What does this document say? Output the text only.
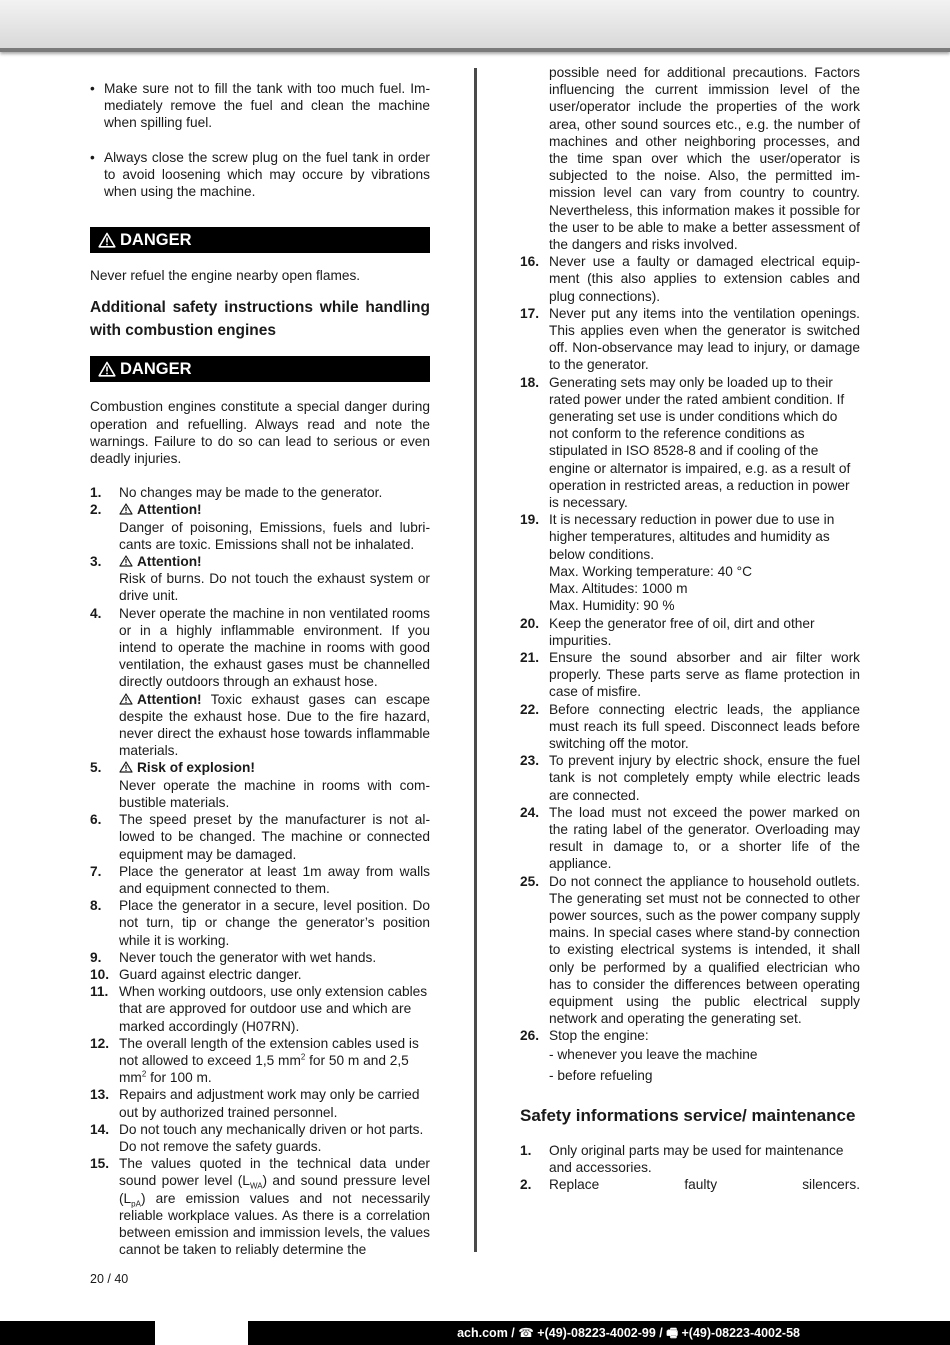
• Make sure not to fill the tank with too much fuel. Immediately remove the fuel and clean the machine when spilling fuel.
• Always close the screw plug on the fuel tank in order to avoid loosening which may occure by vibrations when using the machine.
DANGER
Never refuel the engine nearby open flames.
Additional safety instructions while handling with combustion engines
DANGER
Combustion engines constitute a special danger during operation and refuelling. Always read and note the warnings. Failure to do so can lead to serious or even deadly injuries.
1. No changes may be made to the generator.
2.	Attention!
Danger of poisoning, Emissions, fuels and lubricants are toxic. Emissions shall not be inhalated.
3.	Attention!
Risk of burns. Do not touch the exhaust system or drive unit.
4. Never operate the machine in non ventilated rooms or in a highly inflammable environment. If you intend to operate the machine in rooms with good ventilation, the exhaust gases must be channelled directly outdoors through an exhaust hose.
Attention! Toxic exhaust gases can escape despite the exhaust hose. Due to the fire hazard, never direct the exhaust hose towards inflammable materials.
5.	Risk of explosion!
Never operate the machine in rooms with combustible materials.
6. The speed preset by the manufacturer is not allowed to be changed. The machine or connected equipment may be damaged.
7. Place the generator at least 1m away from walls and equipment connected to them.
8. Place the generator in a secure, level position. Do not turn, tip or change the generator’s position while it is working.
9. Never touch the generator with wet hands.
10. Guard against electric danger.
11. When working outdoors, use only extension cables that are approved for outdoor use and which are marked accordingly (H07RN).
12. The overall length of the extension cables used is not allowed to exceed 1,5 $mm^2$ for 50 m and 2,5 $mm^2$ for 100 m.
13. Repairs and adjustment work may only be carried out by authorized trained personnel.
14. Do not touch any mechanically driven or hot parts. Do not remove the safety guards.
15. The values quoted in the technical data under sound power level $(L_{WA})$ and sound pressure level $(L_{pA})$ are emission values and not necessarily reliable workplace values. As there is a correlation between emission and immission levels, the values cannot be taken to reliably determine the
possible need for additional precautions. Factors influencing the current immission level of the user/operator include the properties of the work area, other sound sources etc., e.g. the number of machines and other neighboring processes, and the time span over which the user/operator is subjected to the noise. Also, the permitted immission level can vary from country to country. Nevertheless, this information makes it possible for the user to be able to make a better assessment of the dangers and risks involved.
16. Never use a faulty or damaged electrical equipment (this also applies to extension cables and plug connections).
17. Never put any items into the ventilation openings. This applies even when the generator is switched off. Non-observance may lead to injury, or damage to the generator.
18. Generating sets may only be loaded up to their rated power under the rated ambient condition. If generating set use is under conditions which do not conform to the reference conditions as stipulated in ISO 8528-8 and if cooling of the engine or alternator is impaired, e.g. as a result of operation in restricted areas, a reduction in power is necessary.
19. It is necessary reduction in power due to use in higher temperatures, altitudes and humidity as below conditions.
Max. Working temperature: 40 °C
Max. Altitudes: 1000 m
Max. Humidity: 90 %
20. Keep the generator free of oil, dirt and other impurities.
21. Ensure the sound absorber and air filter work properly. These parts serve as flame protection in case of misfire.
22. Before connecting electric leads, the appliance must reach its full speed. Disconnect leads before switching off the motor.
23. To prevent injury by electric shock, ensure the fuel tank is not completely empty while electric leads are connected.
24. The load must not exceed the power marked on the rating label of the generator. Overloading may result in damage to, or a shorter life of the appliance.
25. Do not connect the appliance to household outlets. The generating set must not be connected to other power sources, such as the power company supply mains. In special cases where stand-by connection to existing electrical systems is intended, it shall only be performed by a qualified electrician who has to consider the differences between operating equipment using the public electrical supply network and operating the generating set.
26. Stop the engine:
- whenever you leave the machine
- before refueling
Safety informations service/ maintenance
1. Only original parts may be used for maintenance and accessories.
2. Replace	faulty	silencers.
20 / 40
ach.com / ☎ +(49)-08223-4002-99 / 🖷 +(49)-08223-4002-58
